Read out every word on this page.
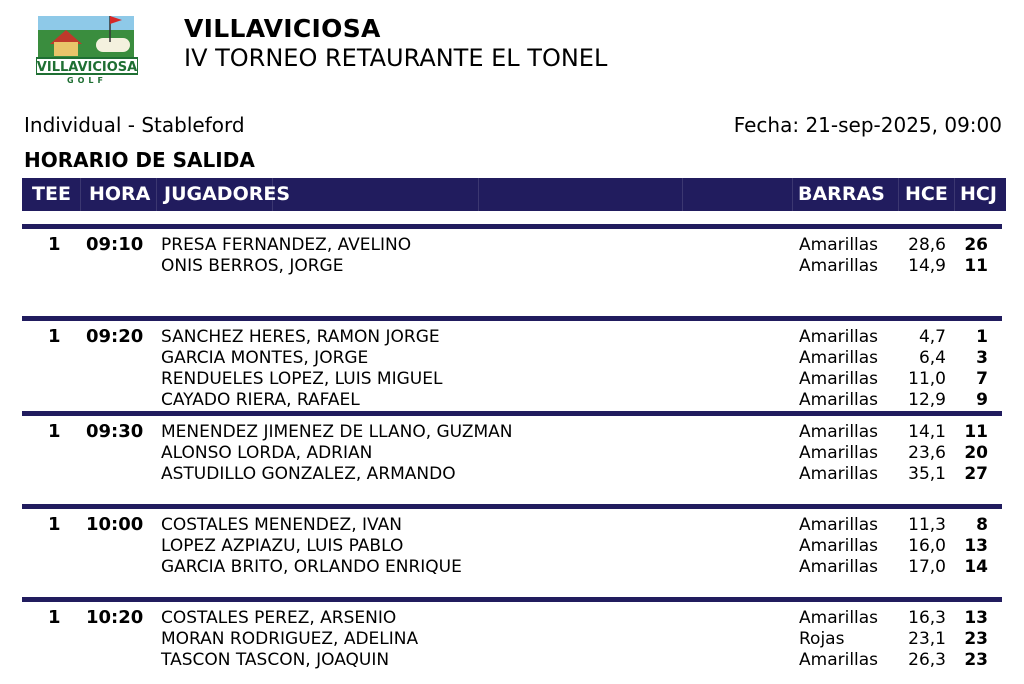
VILLAVICIOSA
GOLF
VILLAVICIOSA
IV TORNEO RETAURANTE EL TONEL
Individual - Stableford	Fecha: 21-sep-2025, 09:00
HORARIO DE SALIDA
TEE HORA JUGADORES	BARRAS HCE HCJ
1 09:10 PRESA FERNANDEZ, AVELINO	Amarillas 28,6 26
ONIS BERROS, JORGE	Amarillas 14,9 11
1 09:20 SANCHEZ HERES, RAMON JORGE	Amarillas 4,7 1
GARCIA MONTES, JORGE	Amarillas 6,4 3
RENDUELES LOPEZ, LUIS MIGUEL	Amarillas 11,0 7
CAYADO RIERA, RAFAEL	Amarillas 12,9 9
1 09:30 MENENDEZ JIMENEZ DE LLANO, GUZMAN	Amarillas 14,1 11
ALONSO LORDA, ADRIAN	Amarillas 23,6 20
ASTUDILLO GONZALEZ, ARMANDO	Amarillas 35,1 27
1 10:00 COSTALES MENENDEZ, IVAN	Amarillas 11,3 8
LOPEZ AZPIAZU, LUIS PABLO	Amarillas 16,0 13
GARCIA BRITO, ORLANDO ENRIQUE	Amarillas 17,0 14
1 10:20 COSTALES PEREZ, ARSENIO	Amarillas 16,3 13
MORAN RODRIGUEZ, ADELINA	Rojas	23,1 23
TASCON TASCON, JOAQUIN	Amarillas 26,3 23
